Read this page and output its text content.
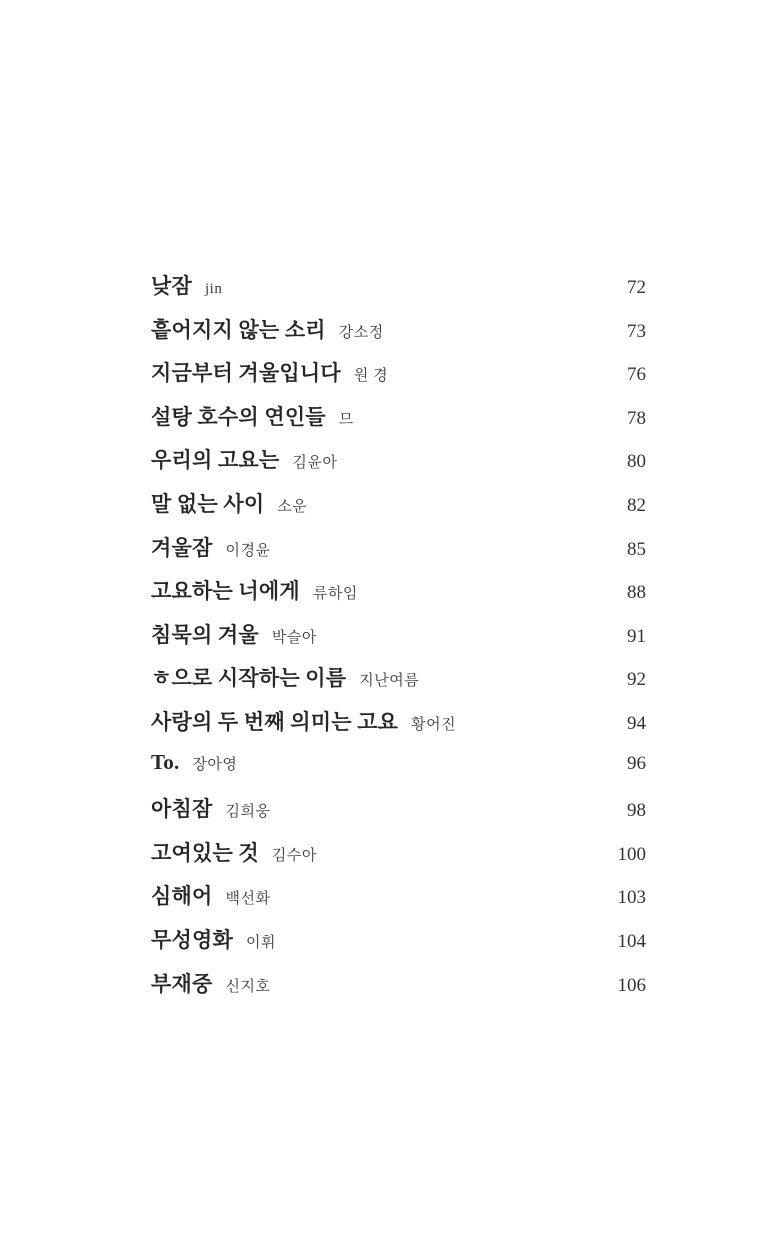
낮잠 jin	72
흩어지지 않는 소리 강소정	73
지금부터 겨울입니다 원 경	76
설탕 호수의 연인들 므	78
우리의 고요는 김윤아	80
말 없는 사이 소운	82
겨울잠 이경윤	85
고요하는 너에게 류하임	88
침묵의 겨울 박슬아	91
ㅎ으로 시작하는 이름 지난여름	92
사랑의 두 번째 의미는 고요 황어진	94
To. 장아영	96
아침잠 김희웅	98
고여있는 것 김수아	100
심해어 백선화	103
무성영화 이휘	104
부재중 신지호	106
